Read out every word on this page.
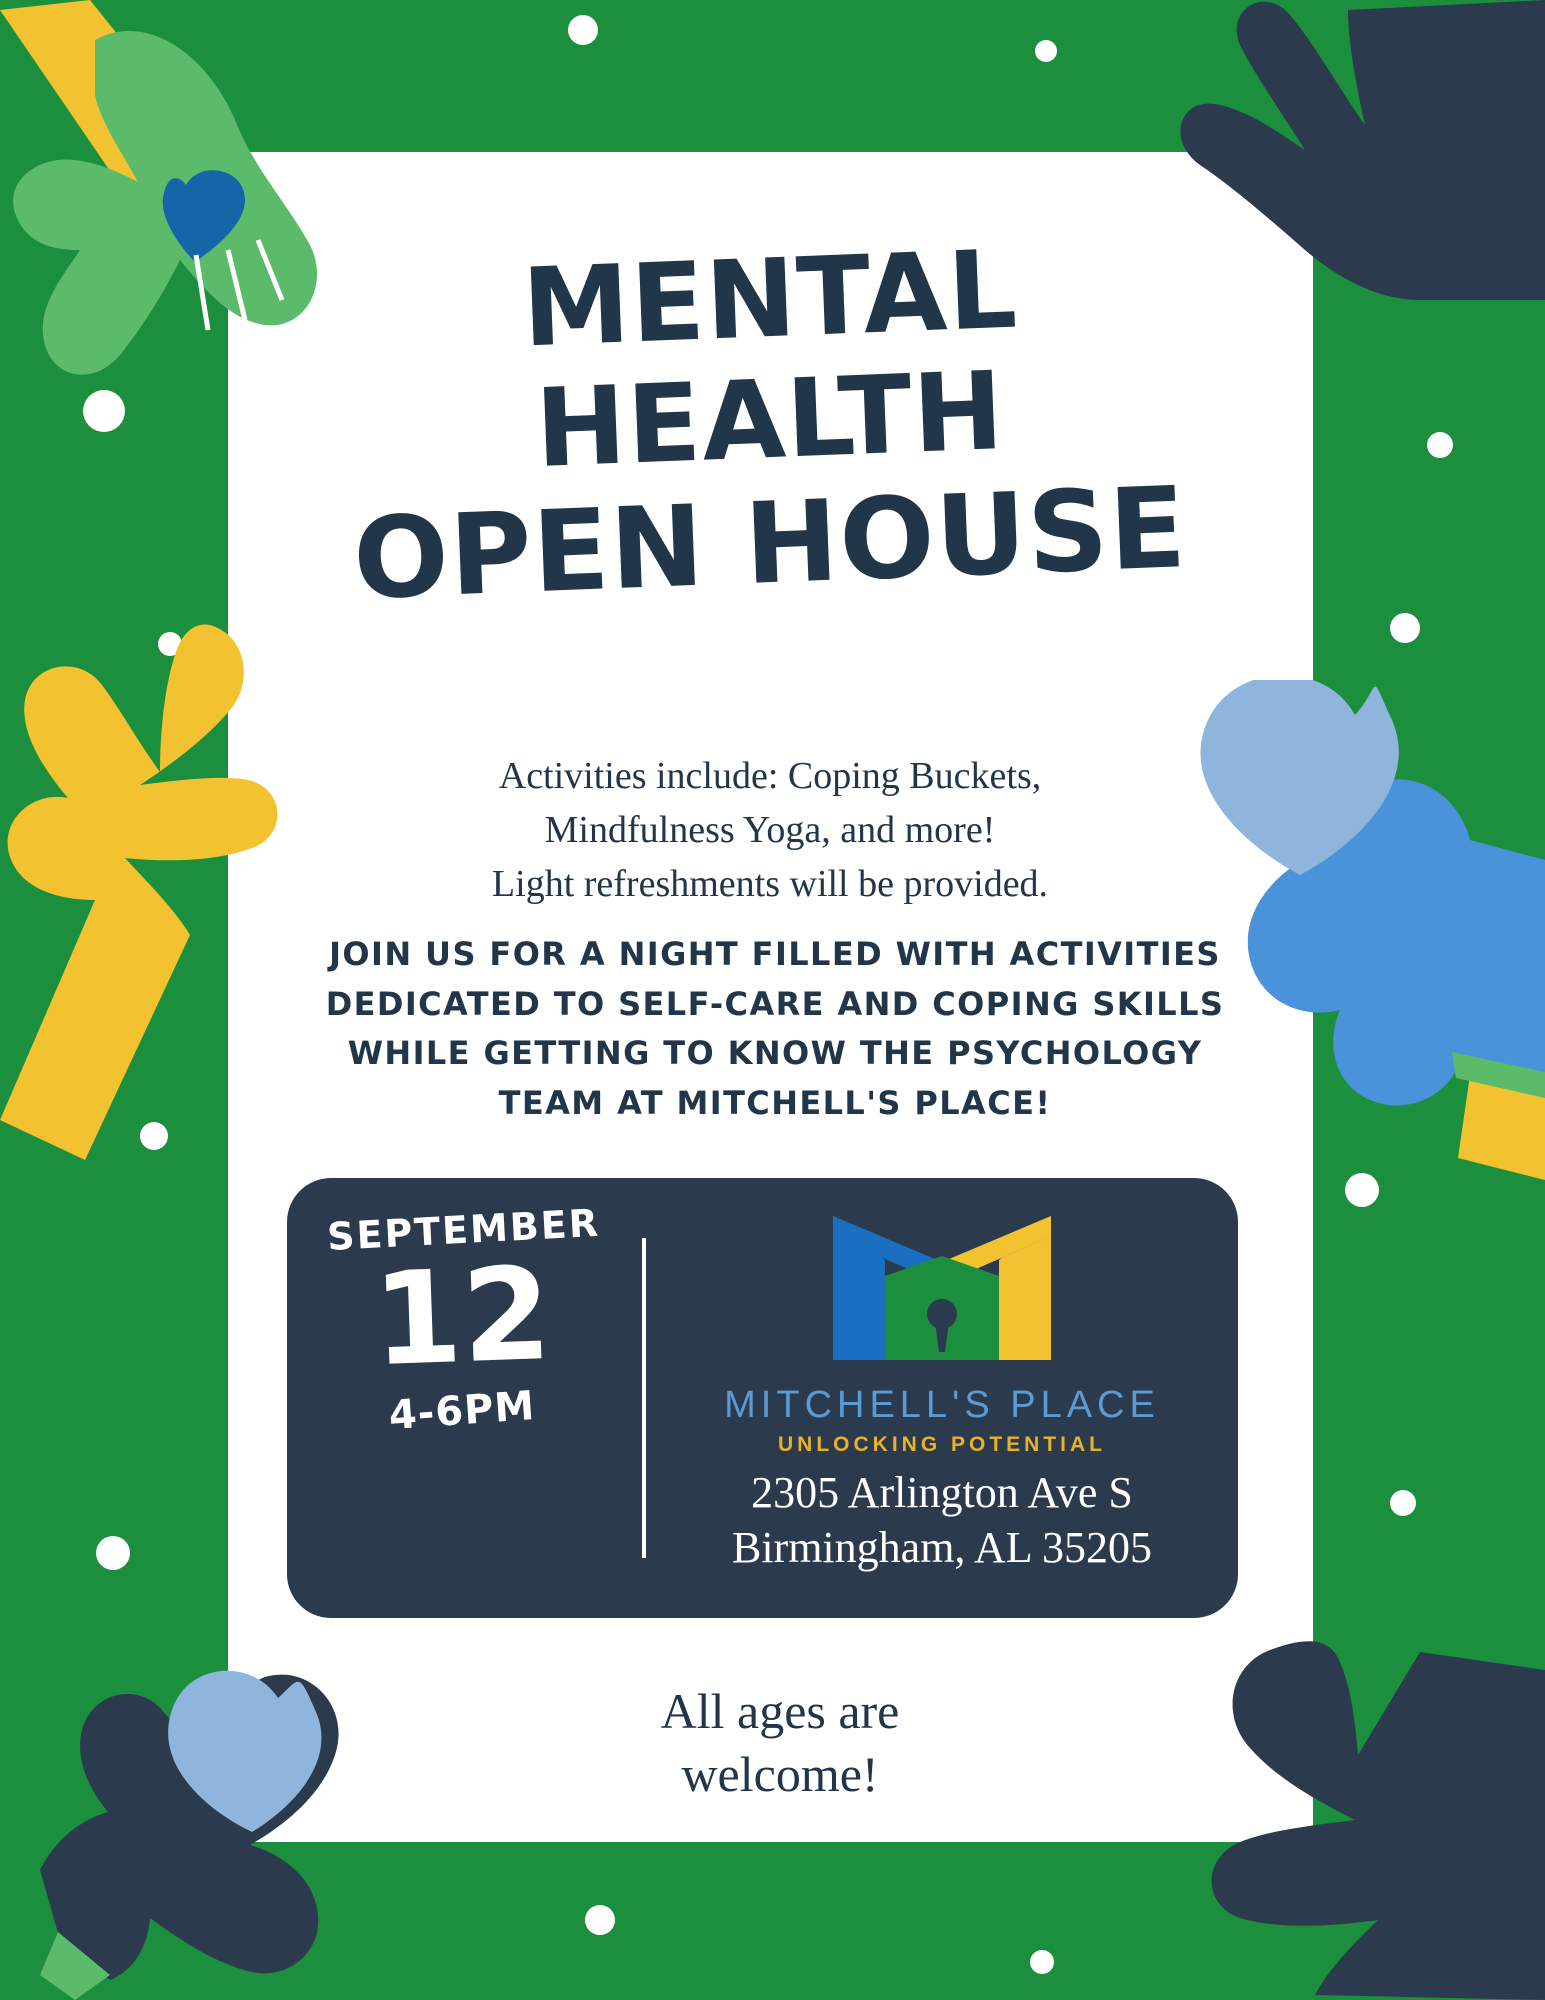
MENTAL
HEALTH
OPEN HOUSE
Activities include: Coping Buckets,
Mindfulness Yoga, and more!
Light refreshments will be provided.
JOIN US FOR A NIGHT FILLED WITH ACTIVITIES DEDICATED TO SELF-CARE AND COPING SKILLS WHILE GETTING TO KNOW THE PSYCHOLOGY TEAM AT MITCHELL'S PLACE!
SEPTEMBER
12
4-6PM	MITCHELL'S PLACE
UNLOCKING POTENTIAL
2305 Arlington Ave S
Birmingham, AL 35205
All ages are
welcome!
